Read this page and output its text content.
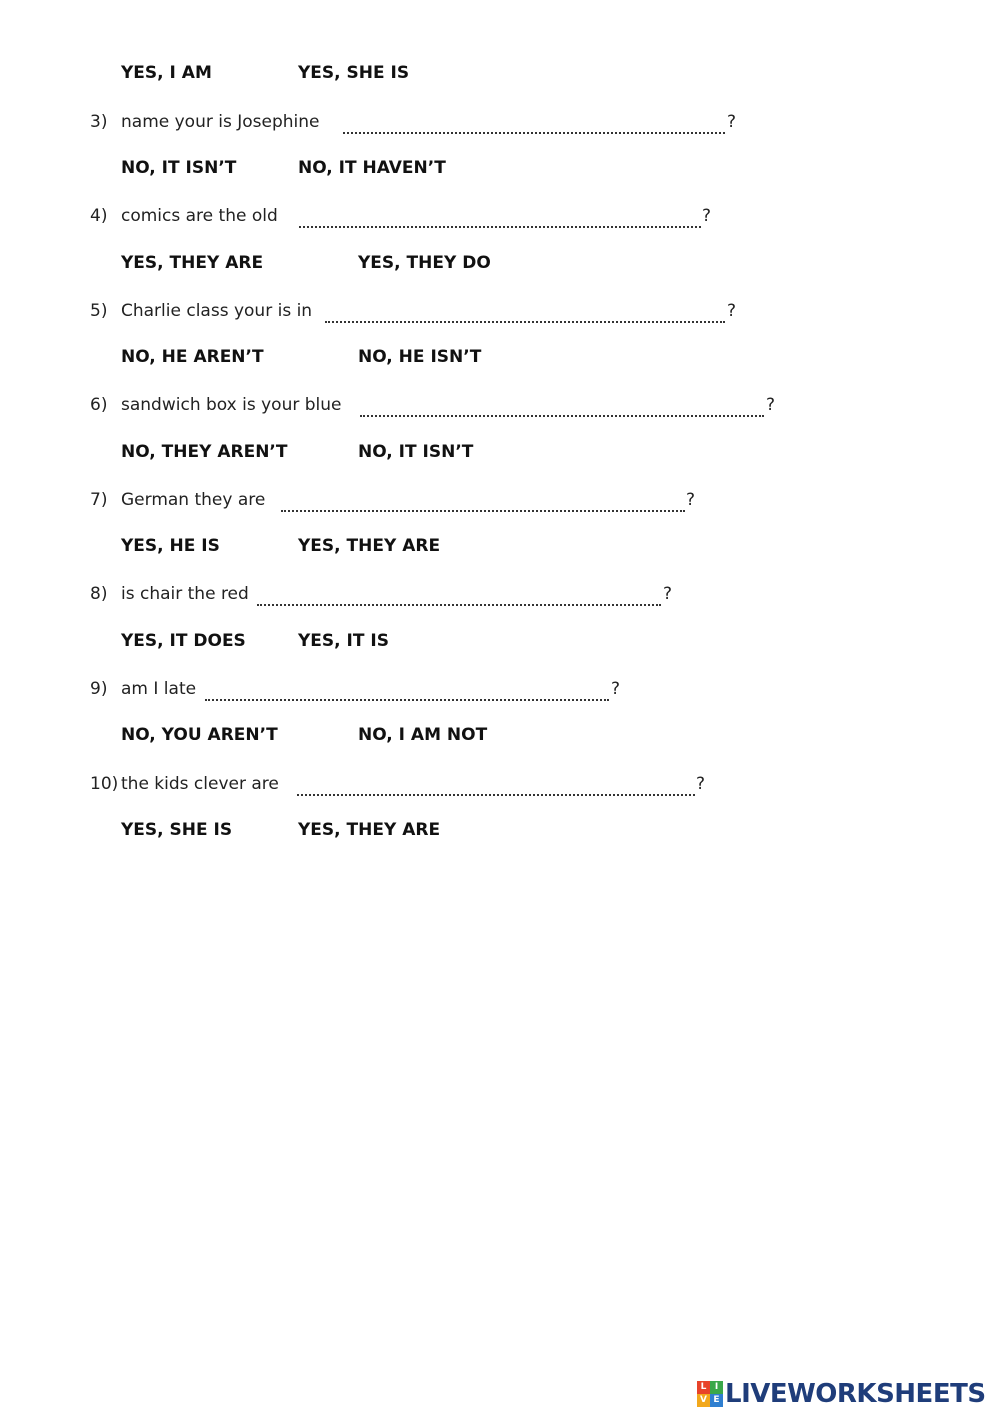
YES, I AM	YES, SHE IS
3) name your is Josephine	?
NO, IT ISN’T	NO, IT HAVEN’T
4) comics are the old	?
YES, THEY ARE	YES, THEY DO
5) Charlie class your is in	?
NO, HE AREN’T	NO, HE ISN’T
6) sandwich box is your blue	?
NO, THEY AREN’T	NO, IT ISN’T
7) German they are	?
YES, HE IS	YES, THEY ARE
8) is chair the red	?
YES, IT DOES	YES, IT IS
9) am I late	?
NO, YOU AREN’T	NO, I AM NOT
10) the kids clever are	?
YES, SHE IS	YES, THEY ARE
L I
V E LIVEWORKSHEETS
